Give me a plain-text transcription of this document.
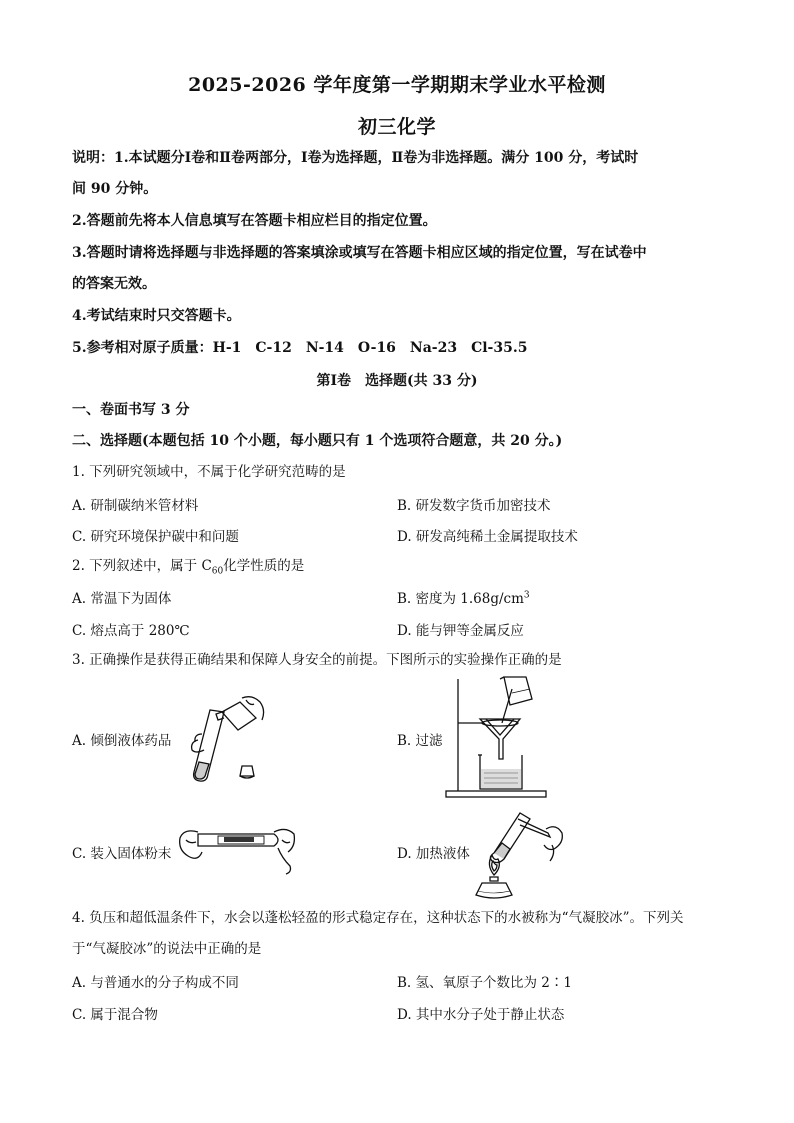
2025-2026 学年度第一学期期末学业水平检测
初三化学
说明：1.本试题分Ⅰ卷和Ⅱ卷两部分，Ⅰ卷为选择题，Ⅱ卷为非选择题。满分 100 分，考试时
间 90 分钟。
2.答题前先将本人信息填写在答题卡相应栏目的指定位置。
3.答题时请将选择题与非选择题的答案填涂或填写在答题卡相应区域的指定位置，写在试卷中
的答案无效。
4.考试结束时只交答题卡。
5.参考相对原子质量：H-1　C-12　N-14　O-16　Na-23　Cl-35.5
第Ⅰ卷　选择题(共 33 分)
一、卷面书写 3 分
二、选择题(本题包括 10 个小题，每小题只有 1 个选项符合题意，共 20 分。)
1. 下列研究领域中，不属于化学研究范畴的是
A. 研制碳纳米管材料	B. 研发数字货币加密技术
C. 研究环境保护碳中和问题	D. 研发高纯稀土金属提取技术
2. 下列叙述中，属于 $C_{60}$化学性质的是
A. 常温下为固体	B. 密度为 $1.68g/cm^3$
C. 熔点高于 280℃	D. 能与钾等金属反应
3. 正确操作是获得正确结果和保障人身安全的前提。下图所示的实验操作正确的是
A. 倾倒液体药品	B. 过滤
C. 装入固体粉末	D. 加热液体
4. 负压和超低温条件下，水会以蓬松轻盈的形式稳定存在，这种状态下的水被称为“气凝胶冰”。下列关
于“气凝胶冰”的说法中正确的是
A. 与普通水的分子构成不同	B. 氢、氧原子个数比为 2∶1
C. 属于混合物	D. 其中水分子处于静止状态
